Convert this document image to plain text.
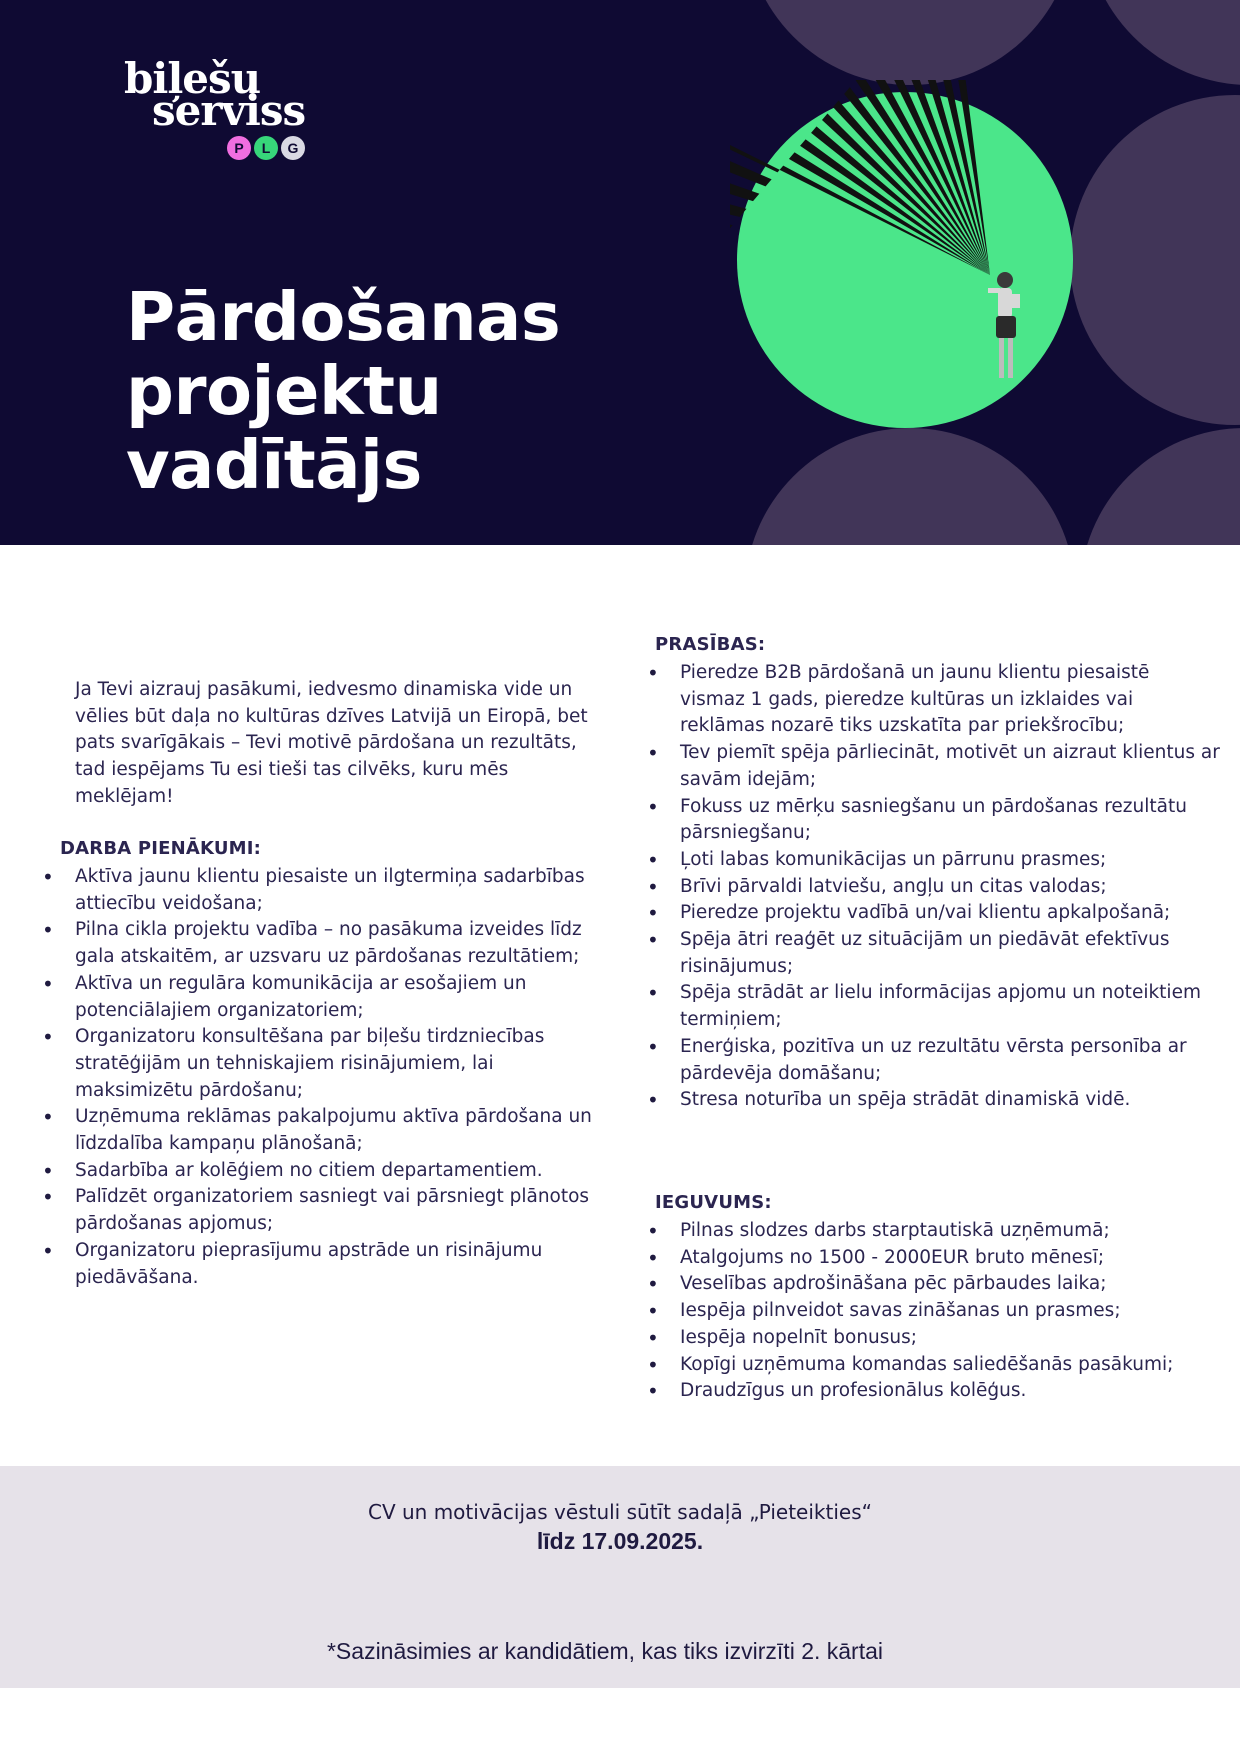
biļešu
serviss
P	L	G
Pārdošanas projektu
vadītājs

Ja Tevi aizrauj pasākumi, iedvesmo dinamiska vide un vēlies būt daļa no kultūras dzīves Latvijā un Eiropā, bet pats svarīgākais – Tevi motivē pārdošana un rezultāts, tad iespējams Tu esi tieši tas cilvēks, kuru mēs meklējam!

DARBA PIENĀKUMI:
• Aktīva jaunu klientu piesaiste un ilgtermiņa sadarbības attiecību veidošana;
• Pilna cikla projektu vadība – no pasākuma izveides līdz gala atskaitēm, ar uzsvaru uz pārdošanas rezultātiem;
• Aktīva un regulāra komunikācija ar esošajiem un potenciālajiem organizatoriem;
• Organizatoru konsultēšana par biļešu tirdzniecības stratēģijām un tehniskajiem risinājumiem, lai maksimizētu pārdošanu;
• Uzņēmuma reklāmas pakalpojumu aktīva pārdošana un līdzdalība kampaņu plānošanā;
• Sadarbība ar kolēģiem no citiem departamentiem.
• Palīdzēt organizatoriem sasniegt vai pārsniegt plānotos pārdošanas apjomus;
• Organizatoru pieprasījumu apstrāde un risinājumu piedāvāšana.
PRASĪBAS:
• Pieredze B2B pārdošanā un jaunu klientu piesaistē vismaz 1 gads, pieredze kultūras un izklaides vai reklāmas nozarē tiks uzskatīta par priekšrocību;
• Tev piemīt spēja pārliecināt, motivēt un aizraut klientus ar savām idejām;
• Fokuss uz mērķu sasniegšanu un pārdošanas rezultātu pārsniegšanu;
• Ļoti labas komunikācijas un pārrunu prasmes;
• Brīvi pārvaldi latviešu, angļu un citas valodas;
• Pieredze projektu vadībā un/vai klientu apkalpošanā;
• Spēja ātri reaģēt uz situācijām un piedāvāt efektīvus risinājumus;
• Spēja strādāt ar lielu informācijas apjomu un noteiktiem termiņiem;
• Enerģiska, pozitīva un uz rezultātu vērsta personība ar pārdevēja domāšanu;
• Stresa noturība un spēja strādāt dinamiskā vidē.
IEGUVUMS:
• Pilnas slodzes darbs starptautiskā uzņēmumā;
• Atalgojums no 1500 - 2000EUR bruto mēnesī;
• Veselības apdrošināšana pēc pārbaudes laika;
• Iespēja pilnveidot savas zināšanas un prasmes;
• Iespēja nopelnīt bonusus;
• Kopīgi uzņēmuma komandas saliedēšanās pasākumi;
• Draudzīgus un profesionālus kolēģus.
CV un motivācijas vēstuli sūtīt sadaļā „Pieteikties“
līdz 17.09.2025.
*Sazināsimies ar kandidātiem, kas tiks izvirzīti 2. kārtai
